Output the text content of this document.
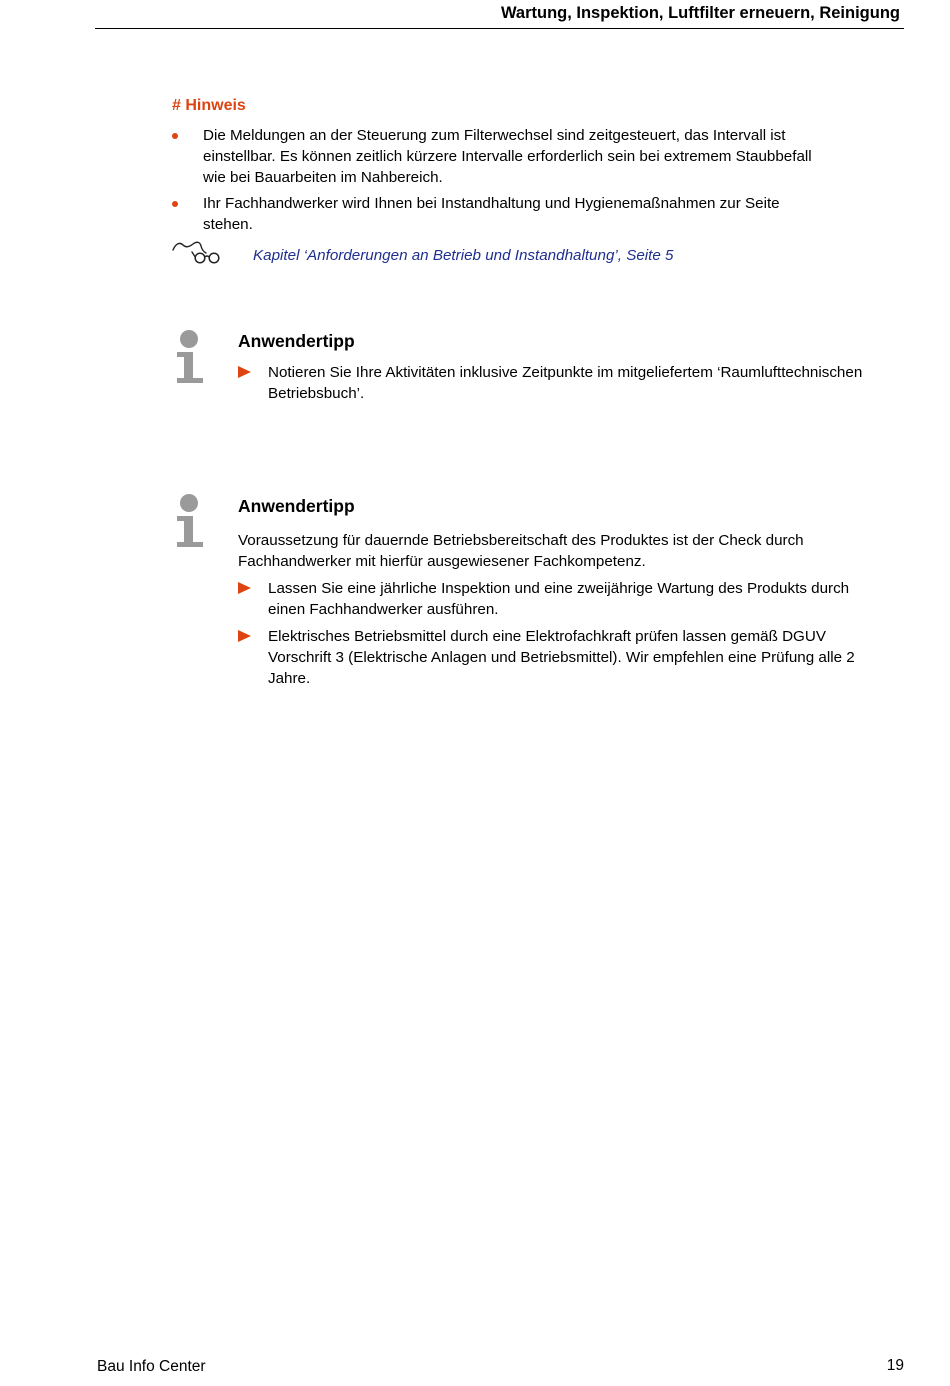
Wartung, Inspektion, Luftfilter erneuern, Reinigung
# Hinweis
Die Meldungen an der Steuerung zum Filterwechsel sind zeitgesteuert, das Intervall ist einstellbar. Es können zeitlich kürzere Intervalle erforderlich sein bei extremem Staubbefall wie bei Bauarbeiten im Nahbereich.
Ihr Fachhandwerker wird Ihnen bei Instandhaltung und Hygienemaßnahmen zur Seite stehen.
Kapitel ‘Anforderungen an Betrieb und Instandhaltung’, Seite 5
Anwendertipp
Notieren Sie Ihre Aktivitäten inklusive Zeitpunkte im mitgeliefertem ‘Raumlufttechnischen Betriebsbuch’.
Anwendertipp
Voraussetzung für dauernde Betriebsbereitschaft des Produktes ist der Check durch Fachhandwerker mit hierfür ausgewiesener Fachkompetenz.
Lassen Sie eine jährliche Inspektion und eine zweijährige Wartung des Produkts durch einen Fachhandwerker ausführen.
Elektrisches Betriebsmittel durch eine Elektrofachkraft prüfen lassen gemäß DGUV Vorschrift 3 (Elektrische Anlagen und Betriebsmittel). Wir empfehlen eine Prüfung alle 2 Jahre.
Bau Info Center	19
